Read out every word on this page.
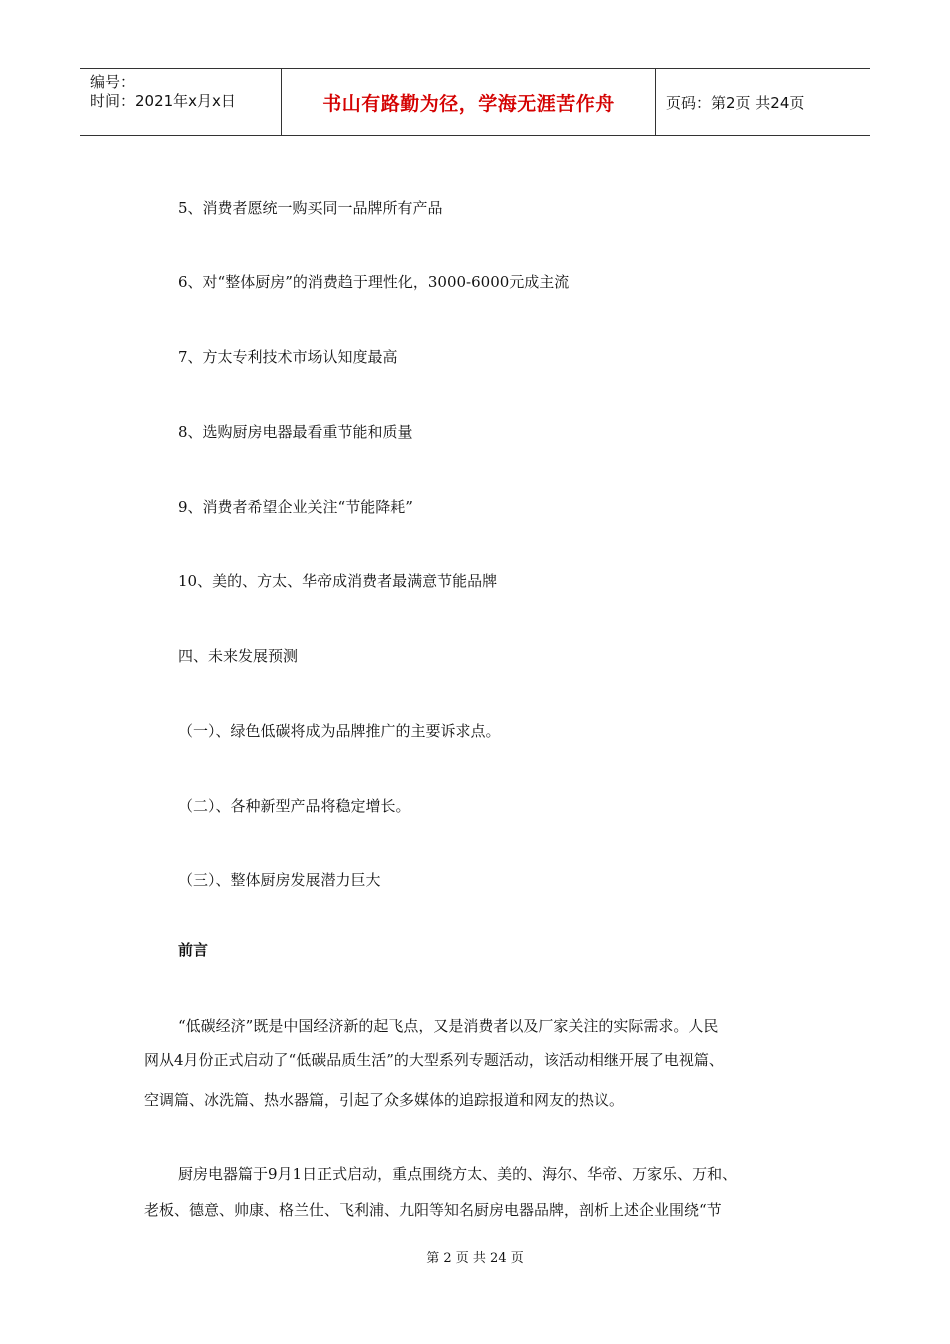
编号：
时间：2021年x月x日	书山有路勤为径，学海无涯苦作舟	页码：第2页 共24页
5、消费者愿统一购买同一品牌所有产品
6、对“整体厨房”的消费趋于理性化，3000-6000元成主流
7、方太专利技术市场认知度最高
8、选购厨房电器最看重节能和质量
9、消费者希望企业关注“节能降耗”
10、美的、方太、华帝成消费者最满意节能品牌
四、未来发展预测
（一）、绿色低碳将成为品牌推广的主要诉求点。
（二）、各种新型产品将稳定增长。
（三）、整体厨房发展潜力巨大
前言
“低碳经济”既是中国经济新的起飞点，又是消费者以及厂家关注的实际需求。人民
网从4月份正式启动了“低碳品质生活”的大型系列专题活动，该活动相继开展了电视篇、
空调篇、冰洗篇、热水器篇，引起了众多媒体的追踪报道和网友的热议。
厨房电器篇于9月1日正式启动，重点围绕方太、美的、海尔、华帝、万家乐、万和、
老板、德意、帅康、格兰仕、飞利浦、九阳等知名厨房电器品牌，剖析上述企业围绕“节
第 2 页 共 24 页
